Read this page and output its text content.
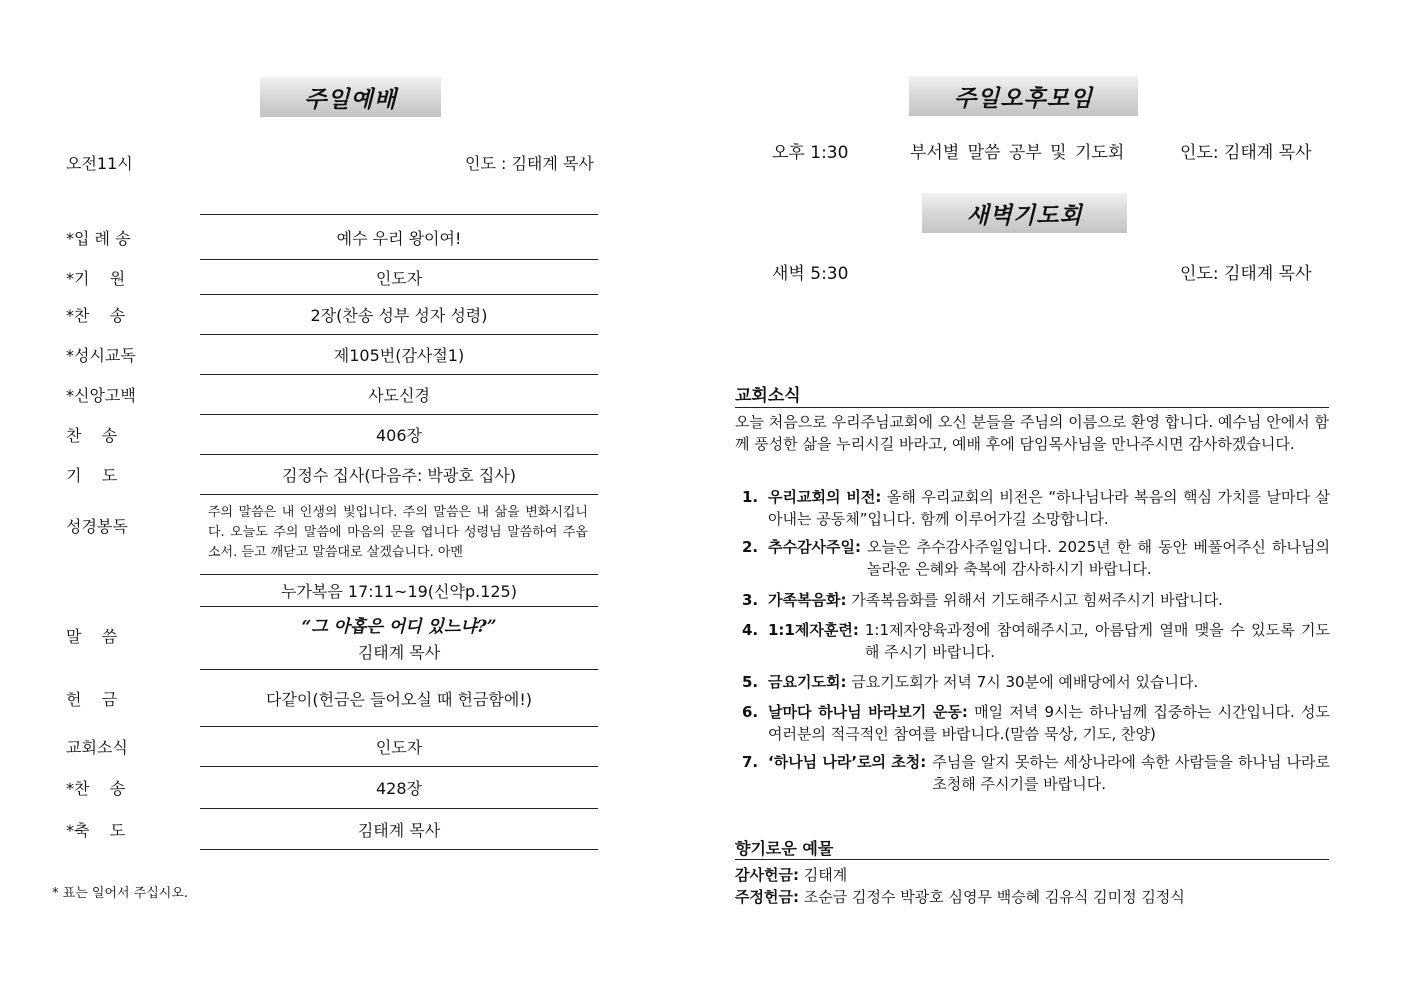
주일예배
오전11시	인도 : 김태계 목사
*입 례 송	예수 우리 왕이여!
*기    원	인도자
*찬    송	2장(찬송 성부 성자 성령)
*성시교독	제105번(감사절1)
*신앙고백	사도신경
찬    송	406장
기    도	김정수 집사(다음주: 박광호 집사)
성경봉독
주의 말씀은 내 인생의 빛입니다. 주의 말씀은 내 삶을 변화시킵니다. 오늘도 주의 말씀에 마음의 문을 엽니다 성령님 말씀하여 주옵소서. 듣고 깨닫고 말씀대로 살겠습니다. 아멘
누가복음 17:11~19(신약p.125)
말    씀	“그 아홉은 어디 있느냐?”
김태계 목사
헌    금	다같이(헌금은 들어오실 때 헌금함에!)
교회소식	인도자
*찬    송	428장
*축    도	김태계 목사
* 표는 일어서 주십시오.
주일오후모임
오후 1:30	부서별 말씀 공부 및 기도회	인도: 김태계 목사
새벽기도회
새벽 5:30	인도: 김태계 목사
교회소식
오늘 처음으로 우리주님교회에 오신 분들을 주님의 이름으로 환영 합니다. 예수님 안에서 함께 풍성한 삶을 누리시길 바라고, 예배 후에 담임목사님을 만나주시면 감사하겠습니다.
1. 우리교회의 비전: 올해 우리교회의 비전은 “하나님나라 복음의 핵심 가치를 날마다 살아내는 공동체”입니다. 함께 이루어가길 소망합니다.
2. 추수감사주일: 오늘은 추수감사주일입니다. 2025년 한 해 동안 베풀어주신 하나님의 놀라운 은혜와 축복에 감사하시기 바랍니다.
3. 가족복음화: 가족복음화를 위해서 기도해주시고 힘써주시기 바랍니다.
4. 1:1제자훈련: 1:1제자양육과정에 참여해주시고, 아름답게 열매 맺을 수 있도록 기도해 주시기 바랍니다.
5. 금요기도회: 금요기도회가 저녁 7시 30분에 예배당에서 있습니다.
6. 날마다 하나님 바라보기 운동: 매일 저녁 9시는 하나님께 집중하는 시간입니다. 성도 여러분의 적극적인 참여를 바랍니다.(말씀 묵상, 기도, 찬양)
7. ‘하나님 나라’로의 초청: 주님을 알지 못하는 세상나라에 속한 사람들을 하나님 나라로 초청해 주시기를 바랍니다.
향기로운 예물
감사헌금: 김태계
주정헌금: 조순금 김정수 박광호 심영무 백승혜 김유식 김미정 김정식
